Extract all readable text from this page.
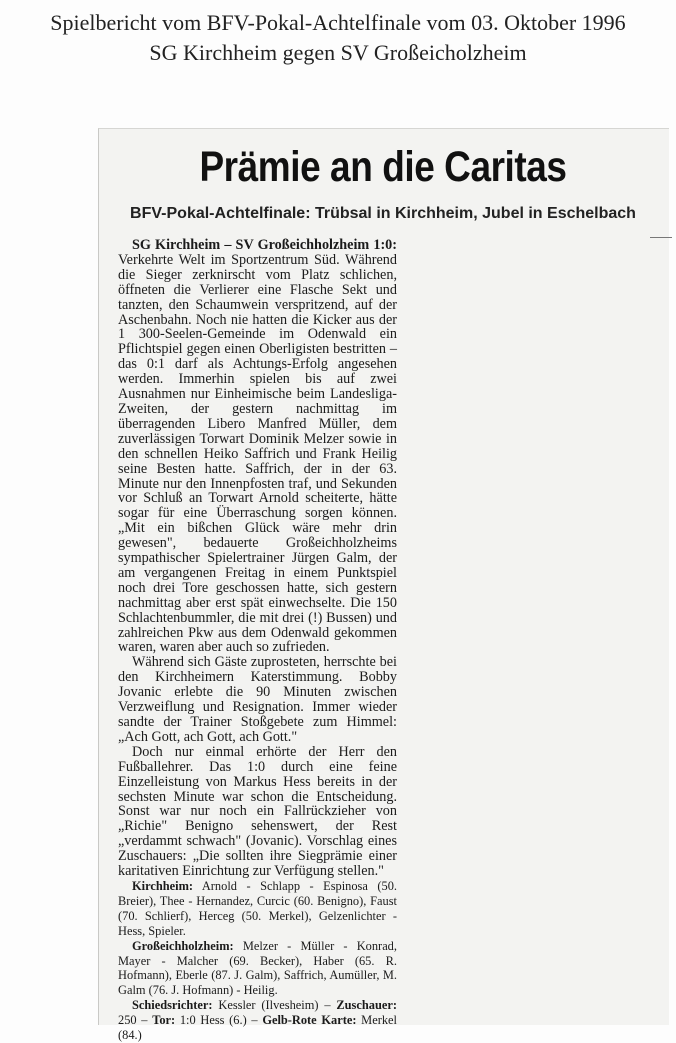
Spielbericht vom BFV-Pokal-Achtelfinale vom 03. Oktober 1996
SG Kirchheim gegen SV Großeicholzheim
Prämie an die Caritas
BFV-Pokal-Achtelfinale: Trübsal in Kirchheim, Jubel in Eschelbach

SG Kirchheim – SV Großeichholzheim 1:0: Verkehrte Welt im Sportzentrum Süd. Während die Sieger zerknirscht vom Platz schlichen, öffneten die Verlierer eine Flasche Sekt und tanzten, den Schaumwein verspritzend, auf der Aschenbahn. Noch nie hatten die Kicker aus der 1 300-Seelen-Gemeinde im Odenwald ein Pflichtspiel gegen einen Oberligisten bestritten – das 0:1 darf als Achtungs-Erfolg angesehen werden. Immerhin spielen bis auf zwei Ausnahmen nur Einheimische beim Landesliga-Zweiten, der gestern nachmittag im überragenden Libero Manfred Müller, dem zuverlässigen Torwart Dominik Melzer sowie in den schnellen Heiko Saffrich und Frank Heilig seine Besten hatte. Saffrich, der in der 63. Minute nur den Innenpfosten traf, und Sekunden vor Schluß an Torwart Arnold scheiterte, hätte sogar für eine Überraschung sorgen können. „Mit ein bißchen Glück wäre mehr drin gewesen", bedauerte Großeichholzheims sympathischer Spielertrainer Jürgen Galm, der am vergangenen Freitag in einem Punktspiel noch drei Tore geschossen hatte, sich gestern nachmittag aber erst spät einwechselte. Die 150 Schlachtenbummler, die mit drei (!) Bussen) und zahlreichen Pkw aus dem Odenwald gekommen waren, waren aber auch so zufrieden.

Während sich Gäste zuprosteten, herrschte bei den Kirchheimern Katerstimmung. Bobby Jovanic erlebte die 90 Minuten zwischen Verzweiflung und Resignation. Immer wieder sandte der Trainer Stoßgebete zum Himmel: „Ach Gott, ach Gott, ach Gott."

Doch nur einmal erhörte der Herr den Fußballehrer. Das 1:0 durch eine feine Einzelleistung von Markus Hess bereits in der sechsten Minute war schon die Entscheidung. Sonst war nur noch ein Fallrückzieher von „Richie" Benigno sehenswert, der Rest „verdammt schwach" (Jovanic). Vorschlag eines Zuschauers: „Die sollten ihre Siegprämie einer karitativen Einrichtung zur Verfügung stellen."

Kirchheim: Arnold - Schlapp - Espinosa (50. Breier), Thee - Hernandez, Curcic (60. Benigno), Faust (70. Schlierf), Herceg (50. Merkel), Gelzenlichter - Hess, Spieler.

Großeichholzheim: Melzer - Müller - Konrad, Mayer - Malcher (69. Becker), Haber (65. R. Hofmann), Eberle (87. J. Galm), Saffrich, Aumüller, M. Galm (76. J. Hofmann) - Heilig.

Schiedsrichter: Kessler (Ilvesheim) – Zuschauer: 250 – Tor: 1:0 Hess (6.) – Gelb-Rote Karte: Merkel (84.)
